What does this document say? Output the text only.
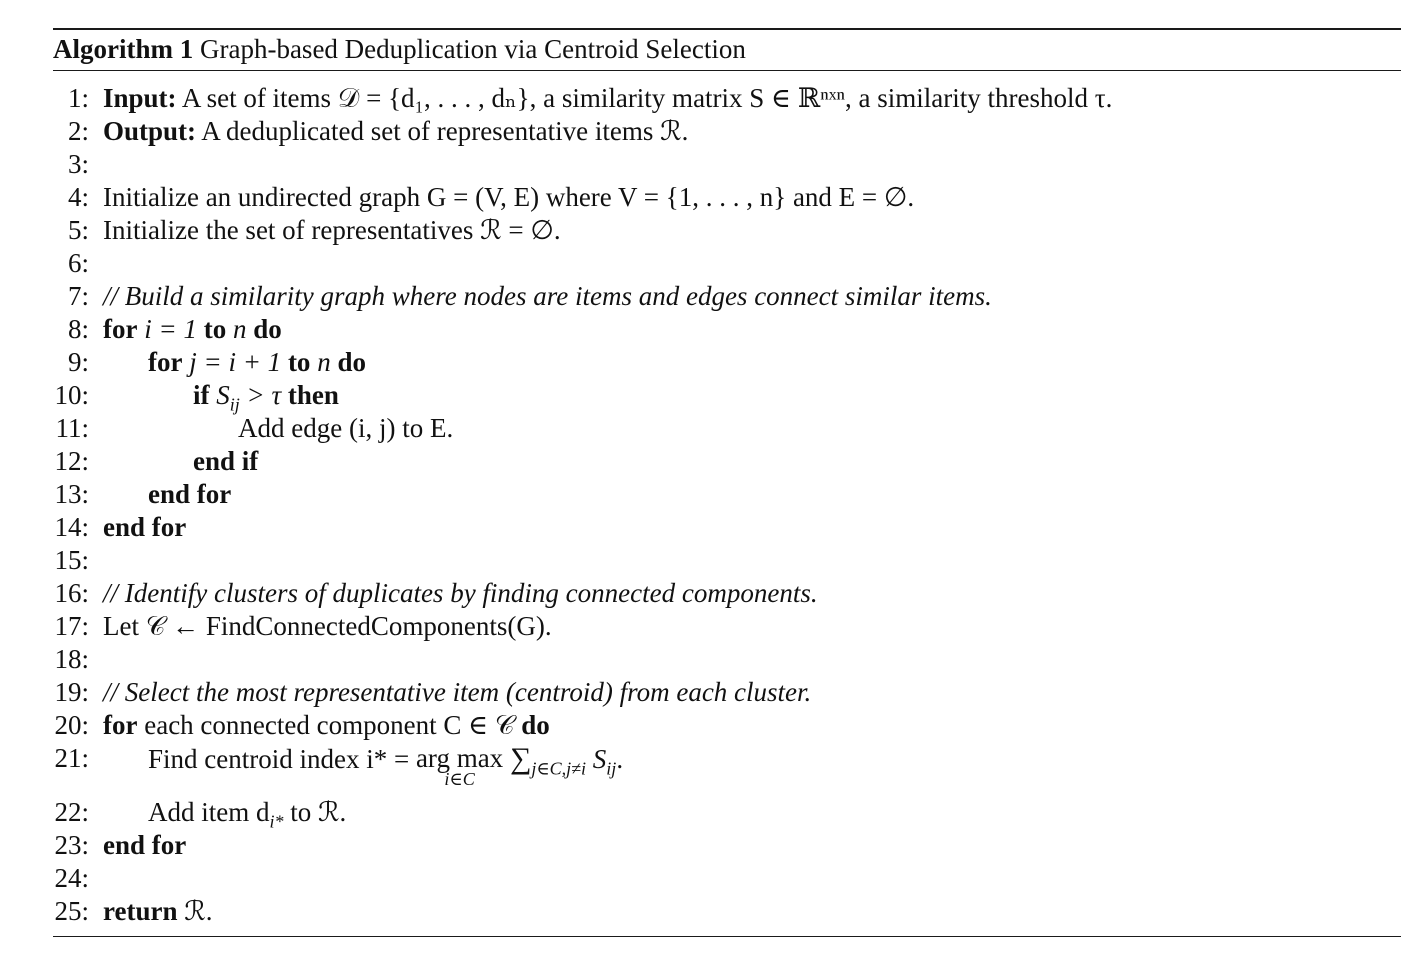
Algorithm 1 Graph-based Deduplication via Centroid Selection
1: Input: A set of items 𝒟 = {d₁, . . . , dₙ}, a similarity matrix S ∈ ℝⁿˣⁿ, a similarity threshold τ.
2: Output: A deduplicated set of representative items ℛ.
3:
4: Initialize an undirected graph G = (V, E) where V = {1, . . . , n} and E = ∅.
5: Initialize the set of representatives ℛ = ∅.
6:
7: // Build a similarity graph where nodes are items and edges connect similar items.
8: for i = 1 to n do
9: for j = i + 1 to n do
10:	if $S_{ij} > \tau$ then
11:	Add edge (i, j) to E.
12:	end if
13: end for
14: end for
15:
16: // Identify clusters of duplicates by finding connected components.
17: Let 𝒞 ← FindConnectedComponents(G).
18:
19: // Select the most representative item (centroid) from each cluster.
20: for each connected component C ∈ 𝒞 do
21: Find centroid index i* = arg max
i∈C
$\sum_{j\in C,j\ne i}$ $S_{ij}$.
22: Add item $d_{i*}$ to ℛ.
23: end for
24:
25: return ℛ.
